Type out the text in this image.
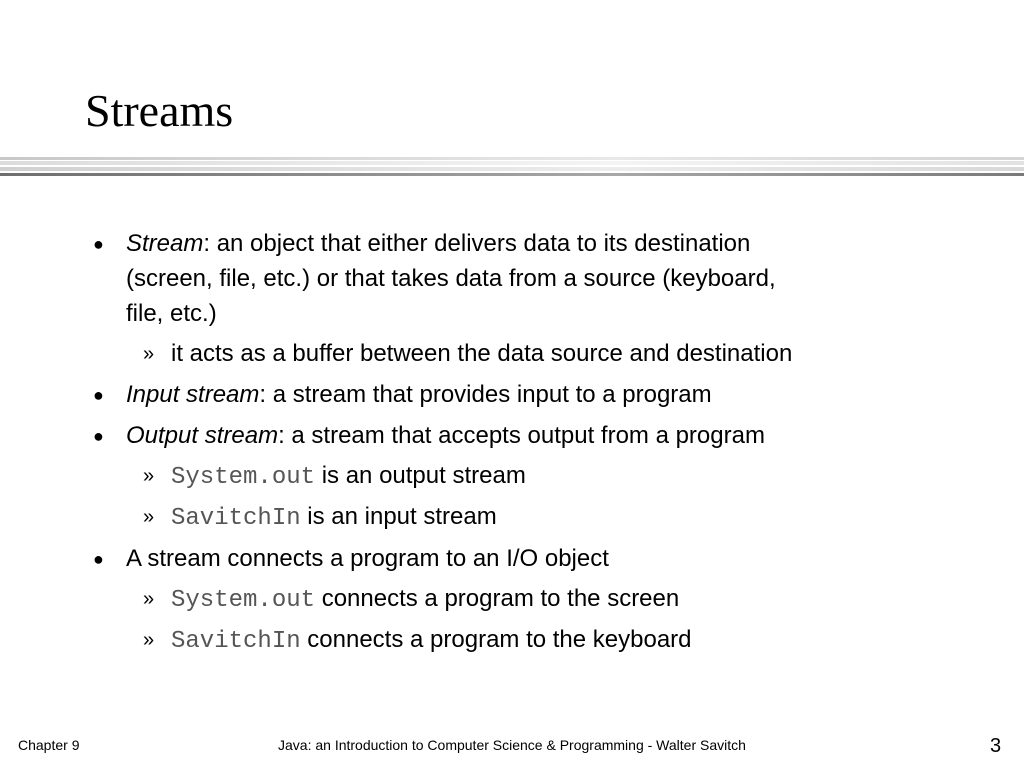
Streams
● Stream: an object that either delivers data to its destination
(screen, file, etc.) or that takes data from a source (keyboard,
file, etc.)
» it acts as a buffer between the data source and destination
● Input stream: a stream that provides input to a program
● Output stream: a stream that accepts output from a program
» System.out is an output stream
» SavitchIn is an input stream
● A stream connects a program to an I/O object
» System.out connects a program to the screen
» SavitchIn connects a program to the keyboard
Chapter 9	Java: an Introduction to Computer Science & Programming - Walter Savitch	3
